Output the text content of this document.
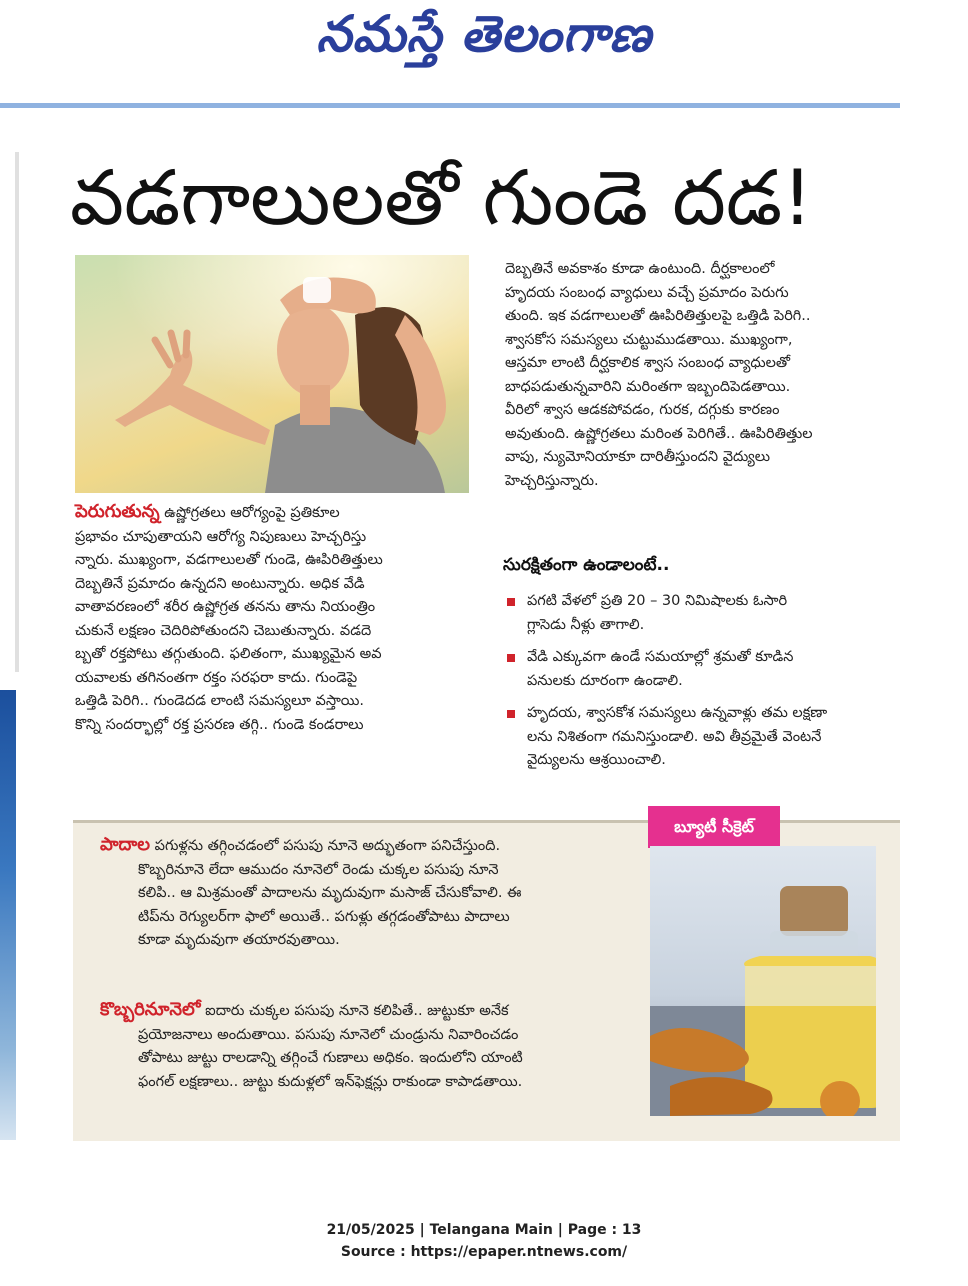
నమస్తే తెలంగాణ
వడగాలులతో గుండె దడ!
పెరుగుతున్న ఉష్ణోగ్రతలు ఆరోగ్యంపై ప్రతికూల
ప్రభావం చూపుతాయని ఆరోగ్య నిపుణులు హెచ్చరిస్తు
న్నారు. ముఖ్యంగా, వడగాలులతో గుండె, ఊపిరితిత్తులు
దెబ్బతినే ప్రమాదం ఉన్నదని అంటున్నారు. అధిక వేడి
వాతావరణంలో శరీర ఉష్ణోగ్రత తనను తాను నియంత్రిం
చుకునే లక్షణం చెదిరిపోతుందని చెబుతున్నారు. వడదె
బ్బతో రక్తపోటు తగ్గుతుంది. ఫలితంగా, ముఖ్యమైన అవ
యవాలకు తగినంతగా రక్తం సరఫరా కాదు. గుండెపై
ఒత్తిడి పెరిగి.. గుండెదడ లాంటి సమస్యలూ వస్తాయి.
కొన్ని సందర్భాల్లో రక్త ప్రసరణ తగ్గి.. గుండె కండరాలు
దెబ్బతినే అవకాశం కూడా ఉంటుంది. దీర్ఘకాలంలో
హృదయ సంబంధ వ్యాధులు వచ్చే ప్రమాదం పెరుగు
తుంది. ఇక వడగాలులతో ఊపిరితిత్తులపై ఒత్తిడి పెరిగి..
శ్వాసకోస సమస్యలు చుట్టుముడతాయి. ముఖ్యంగా,
ఆస్తమా లాంటి దీర్ఘకాలిక శ్వాస సంబంధ వ్యాధులతో
బాధపడుతున్నవారిని మరింతగా ఇబ్బందిపెడతాయి.
వీరిలో శ్వాస ఆడకపోవడం, గురక, దగ్గుకు కారణం
అవుతుంది. ఉష్ణోగ్రతలు మరింత పెరిగితే.. ఊపిరితిత్తుల
వాపు, న్యుమోనియాకూ దారితీస్తుందని వైద్యులు
హెచ్చరిస్తున్నారు.
సురక్షితంగా ఉండాలంటే..
పగటి వేళలో ప్రతి 20 – 30 నిమిషాలకు ఓసారి
గ్లాసెడు నీళ్లు తాగాలి.
వేడి ఎక్కువగా ఉండే సమయాల్లో శ్రమతో కూడిన
పనులకు దూరంగా ఉండాలి.
హృదయ, శ్వాసకోశ సమస్యలు ఉన్నవాళ్లు తమ లక్షణా
లను నిశితంగా గమనిస్తుండాలి. అవి తీవ్రమైతే వెంటనే
వైద్యులను ఆశ్రయించాలి.
బ్యూటీ సీక్రెట్
పాదాల పగుళ్లను తగ్గించడంలో పసుపు నూనె అద్భుతంగా పనిచేస్తుంది.
కొబ్బరినూనె లేదా ఆముదం నూనెలో రెండు చుక్కల పసుపు నూనె
కలిపి.. ఆ మిశ్రమంతో పాదాలను మృదువుగా మసాజ్ చేసుకోవాలి. ఈ
టిప్‌ను రెగ్యులర్‌గా ఫాలో అయితే.. పగుళ్లు తగ్గడంతోపాటు పాదాలు
కూడా మృదువుగా తయారవుతాయి.
కొబ్బరినూనెలో ఐదారు చుక్కల పసుపు నూనె కలిపితే.. జుట్టుకూ అనేక
ప్రయోజనాలు అందుతాయి. పసుపు నూనెలో చుండ్రును నివారించడం
తోపాటు జుట్టు రాలడాన్ని తగ్గించే గుణాలు అధికం. ఇందులోని యాంటి
ఫంగల్ లక్షణాలు.. జుట్టు కుదుళ్లలో ఇన్‌ఫెక్షన్లు రాకుండా కాపాడతాయి.
21/05/2025 | Telangana Main | Page : 13
Source : https://epaper.ntnews.com/
